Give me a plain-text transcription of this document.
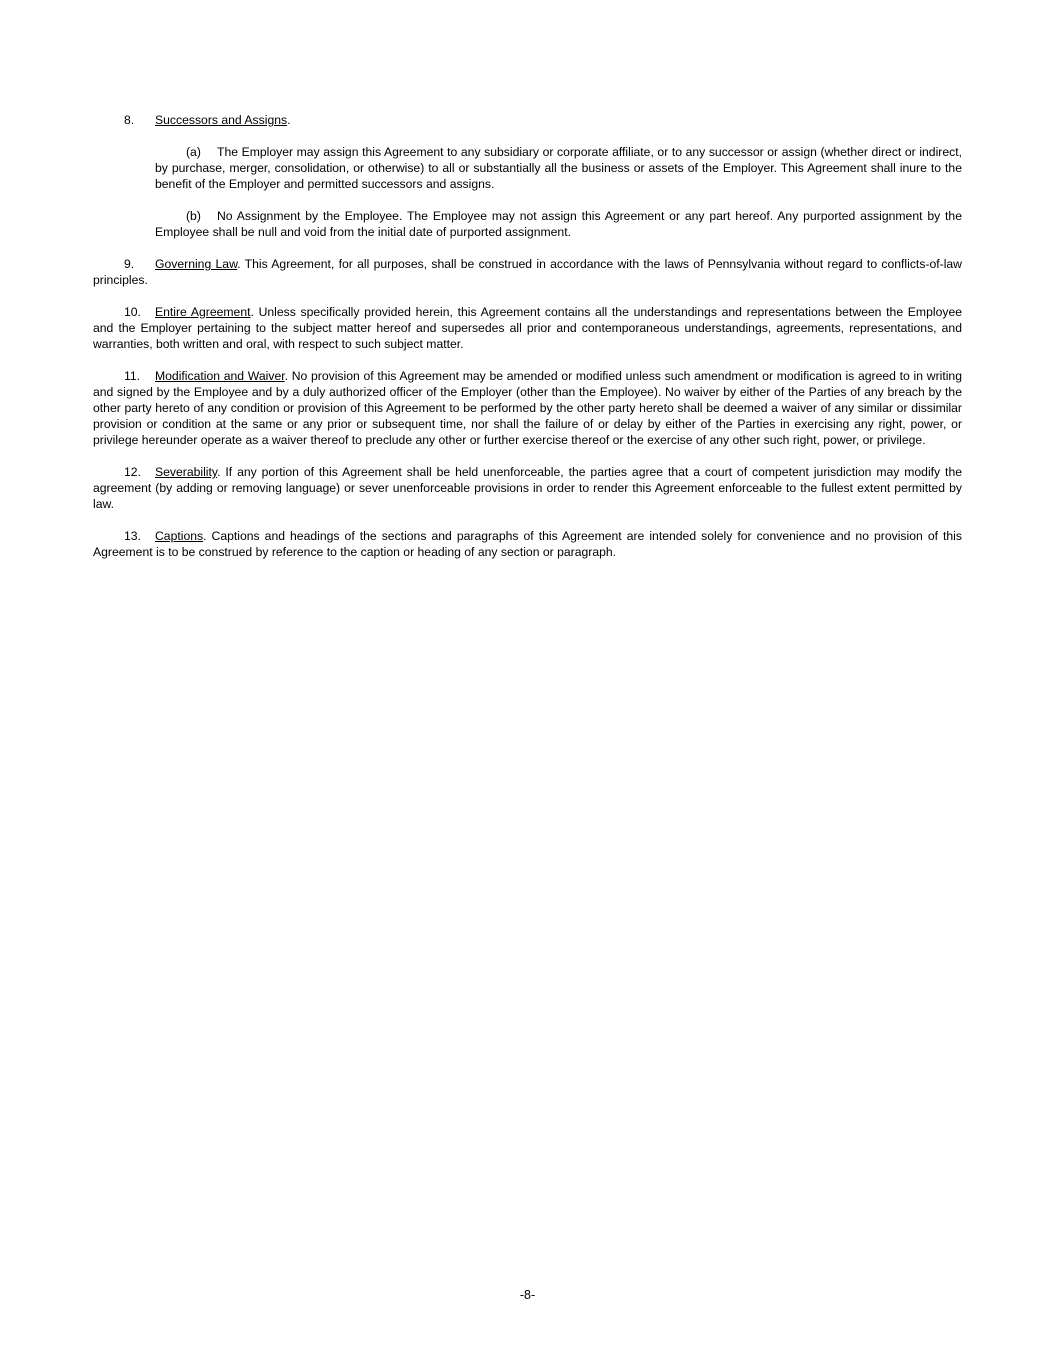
8. Successors and Assigns.
(a) The Employer may assign this Agreement to any subsidiary or corporate affiliate, or to any successor or assign (whether direct or indirect, by purchase, merger, consolidation, or otherwise) to all or substantially all the business or assets of the Employer. This Agreement shall inure to the benefit of the Employer and permitted successors and assigns.
(b) No Assignment by the Employee. The Employee may not assign this Agreement or any part hereof. Any purported assignment by the Employee shall be null and void from the initial date of purported assignment.
9. Governing Law. This Agreement, for all purposes, shall be construed in accordance with the laws of Pennsylvania without regard to conflicts-of-law principles.
10. Entire Agreement. Unless specifically provided herein, this Agreement contains all the understandings and representations between the Employee and the Employer pertaining to the subject matter hereof and supersedes all prior and contemporaneous understandings, agreements, representations, and warranties, both written and oral, with respect to such subject matter.
11. Modification and Waiver. No provision of this Agreement may be amended or modified unless such amendment or modification is agreed to in writing and signed by the Employee and by a duly authorized officer of the Employer (other than the Employee). No waiver by either of the Parties of any breach by the other party hereto of any condition or provision of this Agreement to be performed by the other party hereto shall be deemed a waiver of any similar or dissimilar provision or condition at the same or any prior or subsequent time, nor shall the failure of or delay by either of the Parties in exercising any right, power, or privilege hereunder operate as a waiver thereof to preclude any other or further exercise thereof or the exercise of any other such right, power, or privilege.
12. Severability. If any portion of this Agreement shall be held unenforceable, the parties agree that a court of competent jurisdiction may modify the agreement (by adding or removing language) or sever unenforceable provisions in order to render this Agreement enforceable to the fullest extent permitted by law.
13. Captions. Captions and headings of the sections and paragraphs of this Agreement are intended solely for convenience and no provision of this Agreement is to be construed by reference to the caption or heading of any section or paragraph.
-8-
